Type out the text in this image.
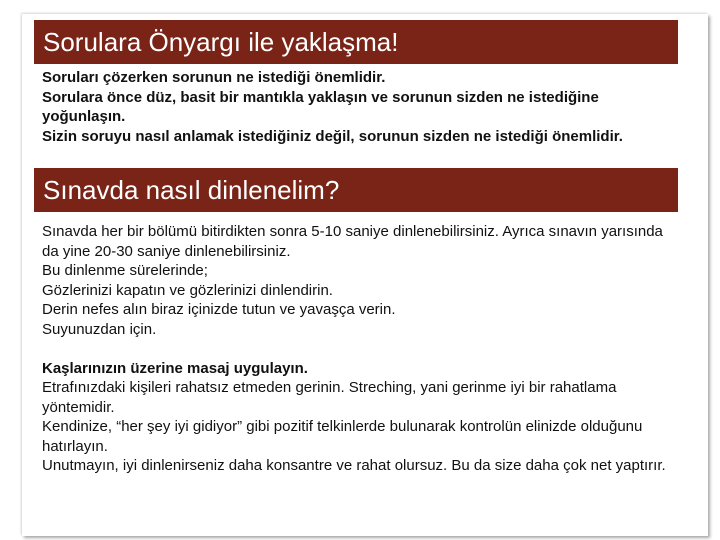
Soruları çözerken sorunun ne istediği önemlidir.
Sorulara önce düz, basit bir mantıkla yaklaşın ve sorunun sizden ne istediğine yoğunlaşın.
Sizin soruyu nasıl anlamak istediğiniz değil, sorunun sizden ne istediği önemlidir.
Sorulara Önyargı ile yaklaşma!
Sınavda nasıl dinlenelim?
Sınavda her bir bölümü bitirdikten sonra 5-10 saniye dinlenebilirsiniz. Ayrıca sınavın yarısında da yine 20-30 saniye dinlenebilirsiniz.
Bu dinlenme sürelerinde;
Gözlerinizi kapatın ve gözlerinizi dinlendirin.
Derin nefes alın biraz içinizde tutun ve yavaşça verin.
Suyunuzdan için.
Kaşlarınızın üzerine masaj uygulayın.
Etrafınızdaki kişileri rahatsız etmeden gerinin. Streching, yani gerinme iyi bir rahatlama yöntemidir.
Kendinize, “her şey iyi gidiyor” gibi pozitif telkinlerde bulunarak kontrolün elinizde olduğunu hatırlayın.
Unutmayın, iyi dinlenirseniz daha konsantre ve rahat olursuz. Bu da size daha çok net yaptırır.
